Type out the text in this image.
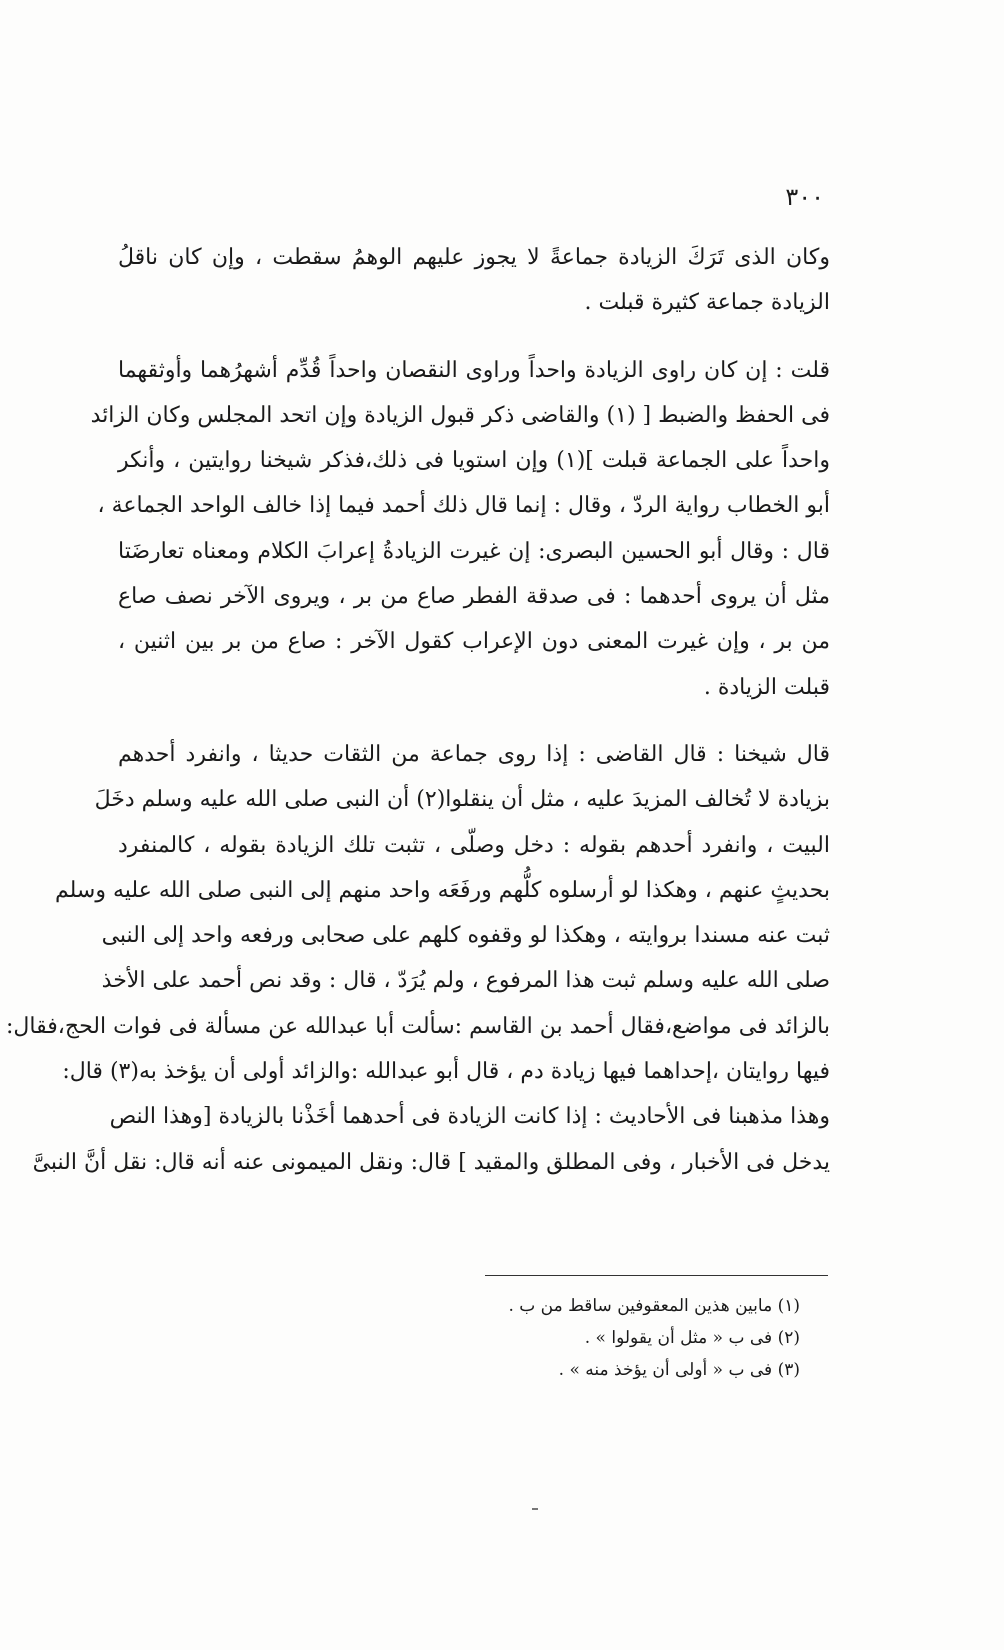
٣٠٠
وكان الذى تَرَكَ الزيادة جماعةً لا يجوز عليهم الوهمُ سقطت ، وإن كان ناقلُ
الزيادة جماعة كثيرة قبلت .
قلت : إن كان راوى الزيادة واحداً وراوى النقصان واحداً قُدِّم أشهرُهما وأوثقهما
فى الحفظ والضبط [ (١) والقاضى ذكر قبول الزيادة وإن اتحد المجلس وكان الزائد
واحداً على الجماعة قبلت ](١) وإن استويا فى ذلك،فذكر شيخنا روايتين ، وأنكر
أبو الخطاب رواية الردّ ، وقال : إنما قال ذلك أحمد فيما إذا خالف الواحد الجماعة ،
قال : وقال أبو الحسين البصرى: إن غيرت الزيادةُ إعرابَ الكلام ومعناه تعارضَتا
مثل أن يروى أحدهما : فى صدقة الفطر صاع من بر ، ويروى الآخر نصف صاع
من بر ، وإن غيرت المعنى دون الإعراب كقول الآخر : صاع من بر بين اثنين ،
قبلت الزيادة .
قال شيخنا : قال القاضى : إذا روى جماعة من الثقات حديثا ، وانفرد أحدهم
بزيادة لا تُخالف المزيدَ عليه ، مثل أن ينقلوا(٢) أن النبى صلى الله عليه وسلم دخَلَ
البيت ، وانفرد أحدهم بقوله : دخل وصلّى ، تثبت تلك الزيادة بقوله ، كالمنفرد
بحديثٍ عنهم ، وهكذا لو أرسلوه كلُّهم ورفَعَه واحد منهم إلى النبى صلى الله عليه وسلم
ثبت عنه مسندا بروايته ، وهكذا لو وقفوه كلهم على صحابى ورفعه واحد إلى النبى
صلى الله عليه وسلم ثبت هذا المرفوع ، ولم يُرَدّ ، قال : وقد نص أحمد على الأخذ
بالزائد فى مواضع،فقال أحمد بن القاسم :سألت أبا عبدالله عن مسألة فى فوات الحج،فقال:
فيها روايتان ،إحداهما فيها زيادة دم ، قال أبو عبدالله :والزائد أولى أن يؤخذ به(٣) قال:
وهذا مذهبنا فى الأحاديث : إذا كانت الزيادة فى أحدهما أخَذْنا بالزيادة [وهذا النص
يدخل فى الأخبار ، وفى المطلق والمقيد ] قال: ونقل الميمونى عنه أنه قال: نقل أنَّ النبىَّ
(١) مابين هذين المعقوفين ساقط من ب .
(٢) فى ب « مثل أن يقولوا » .
(٣) فى ب « أولى أن يؤخذ منه » .
